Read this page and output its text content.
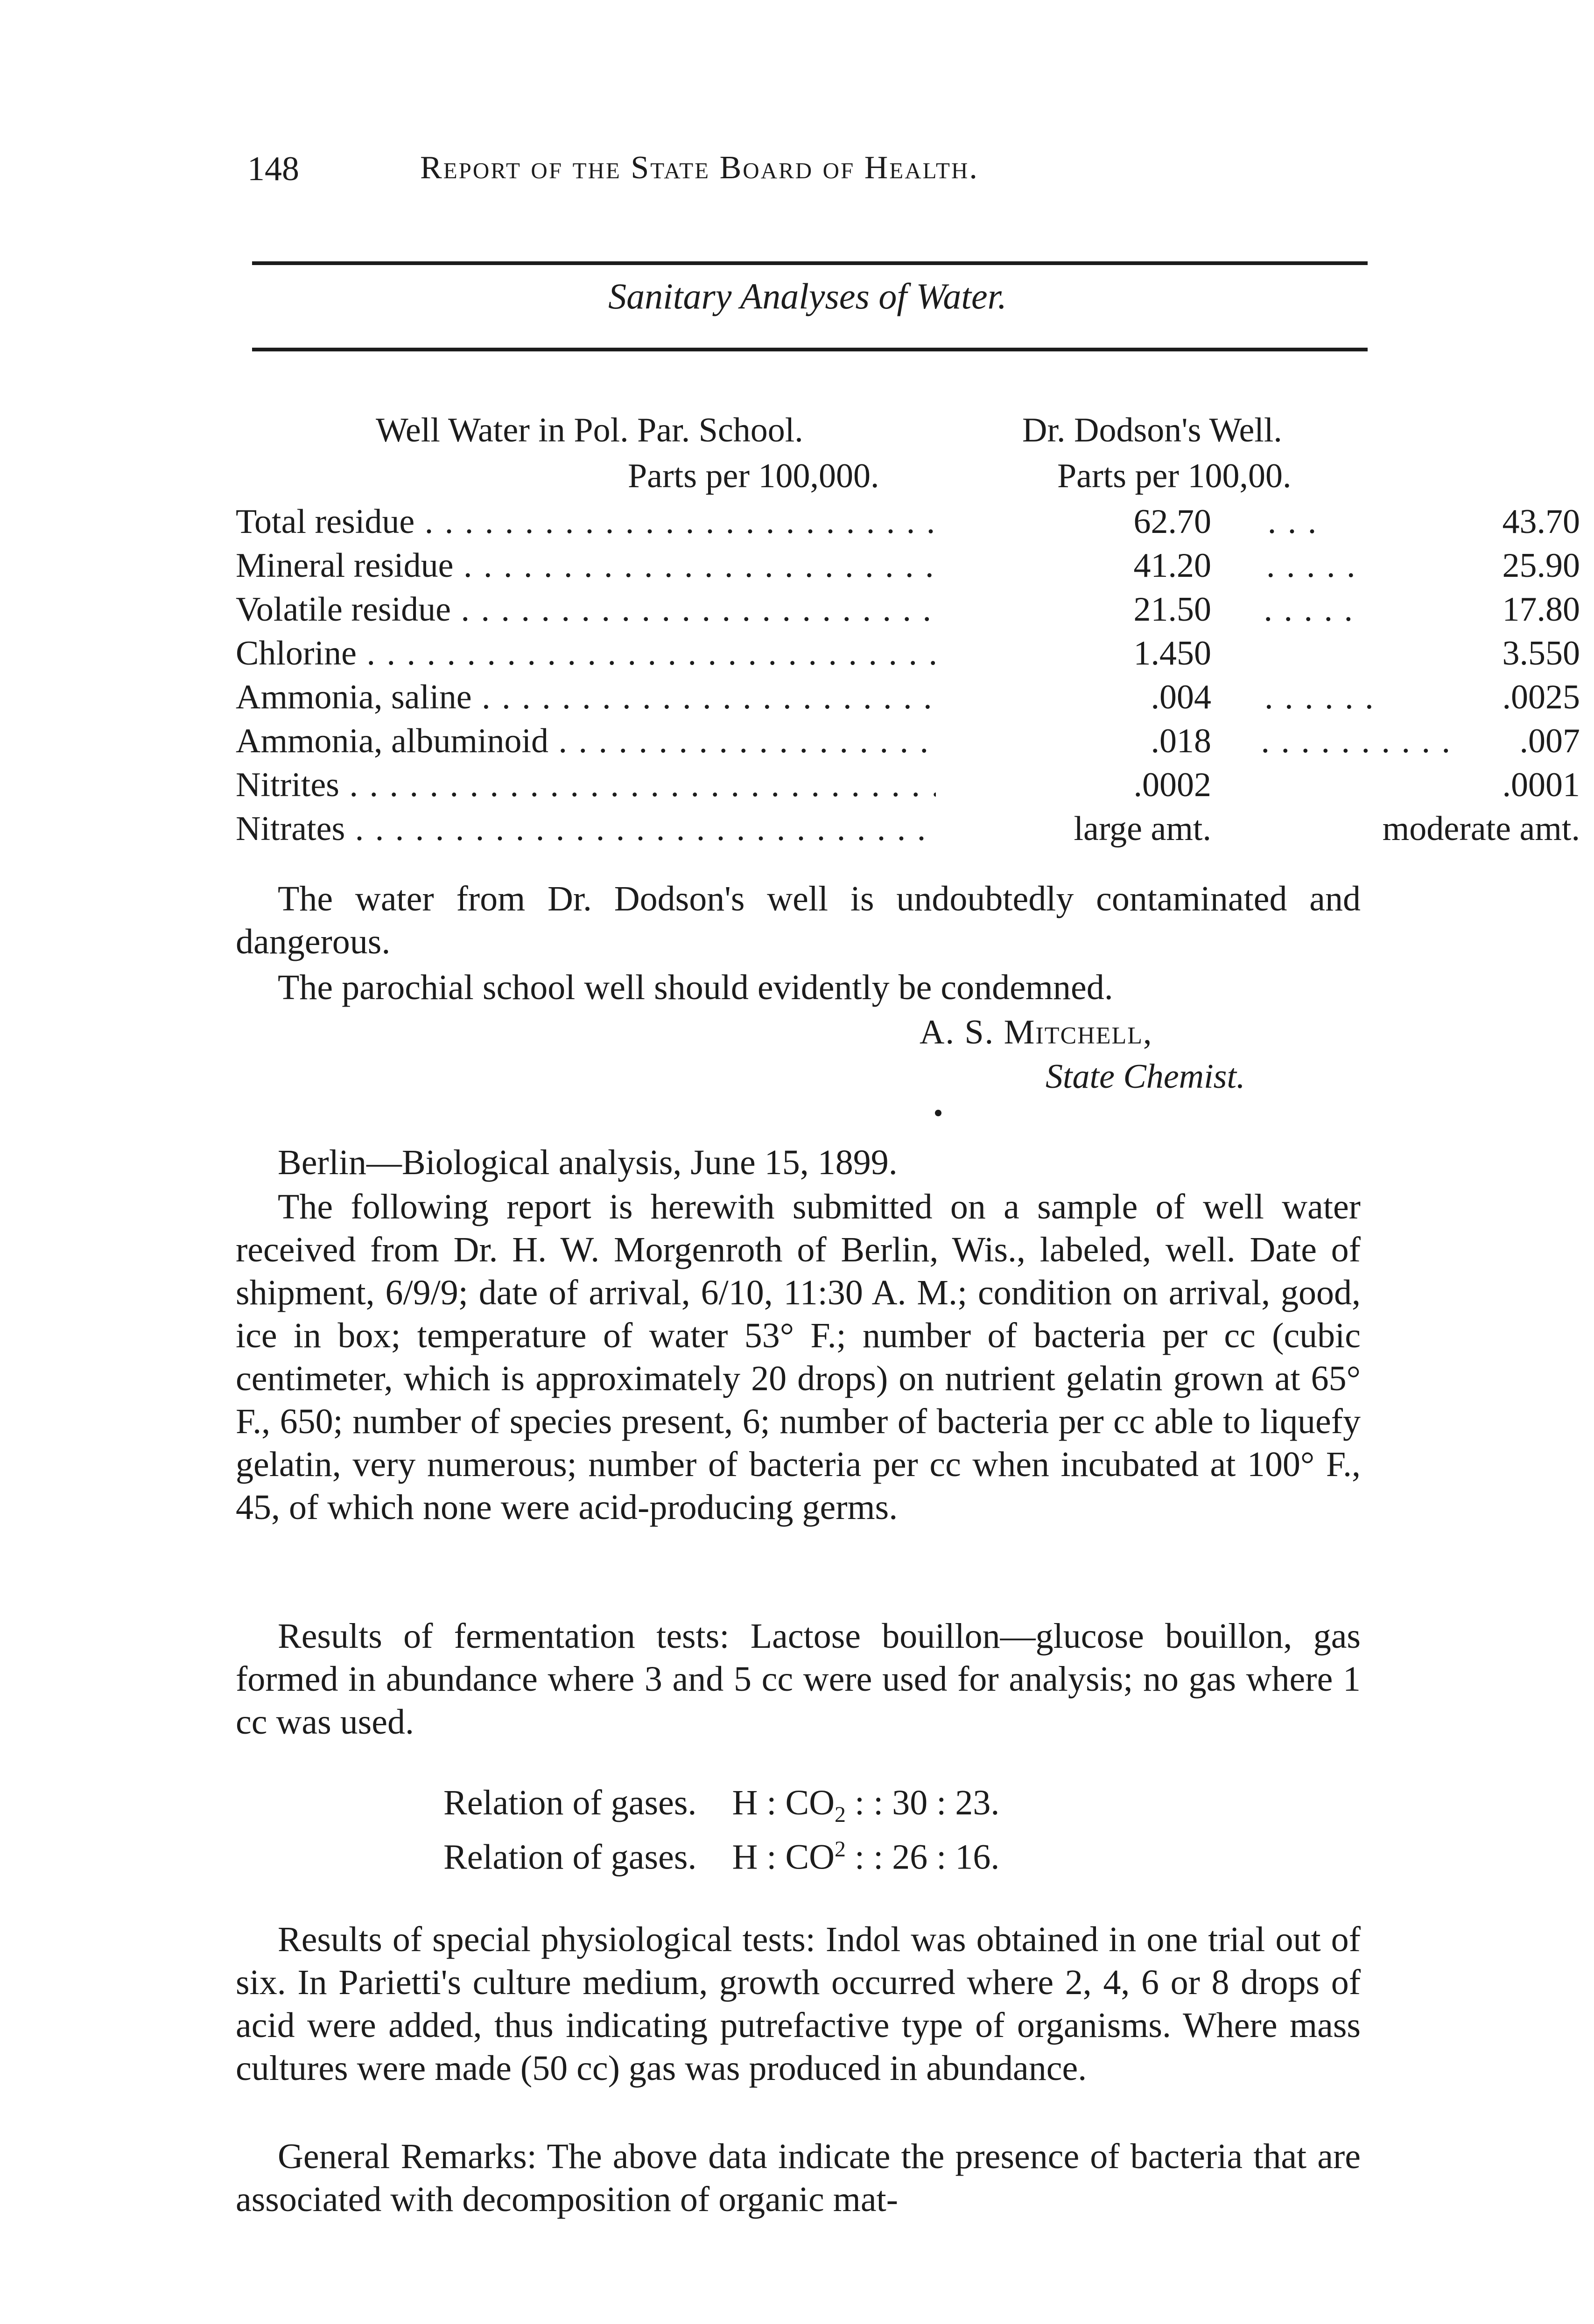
148	Report of the State Board of Health.
Sanitary Analyses of Water.
Well Water in Pol. Par. School.	Dr. Dodson's Well.
Parts per 100,000.	Parts per 100,00.
Total residue . . .	62.70	43.70
Mineral residue . . .	41.20	25.90
Volatile residue . . .	21.50	17.80
Chlorine . . .	1.450	3.550
Ammonia, saline . . .	.004	.0025
Ammonia, albuminoid . . .	.018	.007
Nitrites . . .	.0002	.0001
Nitrates . . .	large amt.	moderate amt.
The water from Dr. Dodson's well is undoubtedly contaminated and dangerous.
The parochial school well should evidently be condemned.
A. S. Mitchell,
State Chemist.
Berlin—Biological analysis, June 15, 1899.
The following report is herewith submitted on a sample of well water received from Dr. H. W. Morgenroth of Berlin, Wis., labeled, well. Date of shipment, 6/9/9; date of arrival, 6/10, 11:30 A. M.; condition on arrival, good, ice in box; temperature of water 53° F.; number of bacteria per cc (cubic centimeter, which is approximately 20 drops) on nutrient gelatin grown at 65° F., 650; number of species present, 6; number of bacteria per cc able to liquefy gelatin, very numerous; number of bacteria per cc when incubated at 100° F., 45, of which none were acid-producing germs.
Results of fermentation tests: Lactose bouillon—glucose bouillon, gas formed in abundance where 3 and 5 cc were used for analysis; no gas where 1 cc was used.
Relation of gases. H : $CO_2$ : : 30 : 23.
Relation of gases. H : $CO^2$ : : 26 : 16.
Results of special physiological tests: Indol was obtained in one trial out of six. In Parietti's culture medium, growth occurred where 2, 4, 6 or 8 drops of acid were added, thus indicating putrefactive type of organisms. Where mass cultures were made (50 cc) gas was produced in abundance.
General Remarks: The above data indicate the presence of bacteria that are associated with decomposition of organic mat-
